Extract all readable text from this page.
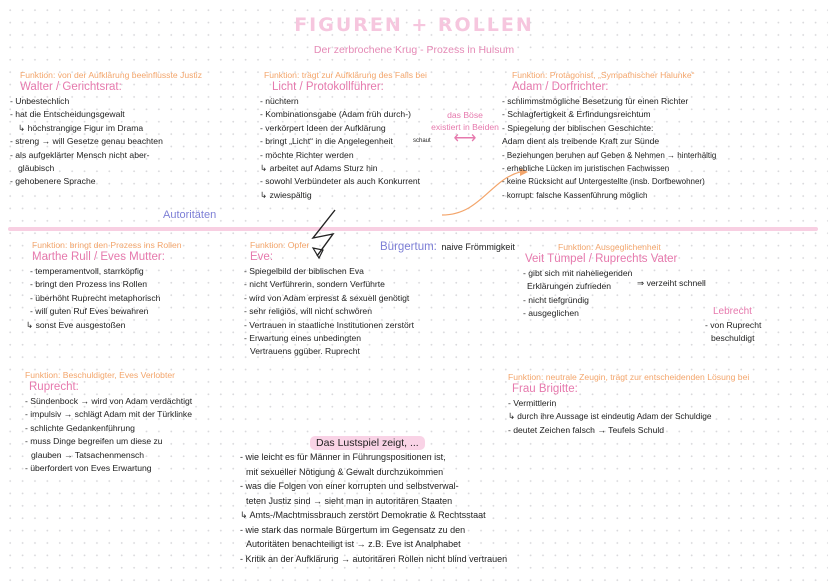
FIGUREN + ROLLEN
Der zerbrochene Krug - Prozess in Huisum
Funktion: von der Aufklärung beeinflusste Justiz
Walter / Gerichtsrat:
- Unbestechlich
- hat die Entscheidungsgewalt
↳ höchstrangige Figur im Drama
- streng → will Gesetze genau beachten
- als aufgeklärter Mensch nicht aber-
gläubisch
- gehobenere Sprache
Autoritäten
Funktion: trägt zur Aufklärung des Falls bei
Licht / Protokollführer:
- nüchtern
- Kombinationsgabe (Adam früh durch-)
- verkörpert Ideen der Aufklärung
- bringt „Licht“ in die Angelegenheit
- möchte Richter werden
↳ arbeitet auf Adams Sturz hin
- sowohl Verbündeter als auch Konkurrent
↳ zwiespältig
schaut
das Böse
existiert in Beiden
⟷
Funktion: Protagonist, „Sympathischer Halunke“
Adam / Dorfrichter:
- schlimmstmögliche Besetzung für einen Richter
- Schlagfertigkeit & Erfindungsreichtum
- Spiegelung der biblischen Geschichte:
Adam dient als treibende Kraft zur Sünde
- Beziehungen beruhen auf Geben & Nehmen → hinterhältig
- erhebliche Lücken im juristischen Fachwissen
- keine Rücksicht auf Untergestellte (insb. Dorfbewohner)
- korrupt: falsche Kassenführung möglich
Bürgertum: naive Frömmigkeit
Funktion: bringt den Prozess ins Rollen
Marthe Rull / Eves Mutter:
- temperamentvoll, starrköpfig
- bringt den Prozess ins Rollen
- überhöht Ruprecht metaphorisch
- will guten Ruf Eves bewahren
↳ sonst Eve ausgestoßen
Funktion: Opfer
Eve:
- Spiegelbild der biblischen Eva
- nicht Verführerin, sondern Verführte
- wird von Adam erpresst & sexuell genötigt
- sehr religiös, will nicht schwören
- Vertrauen in staatliche Institutionen zerstört
- Erwartung eines unbedingten
Vertrauens ggüber. Ruprecht
Funktion: Ausgeglichenheit
Veit Tümpel / Ruprechts Vater
- gibt sich mit naheliegenden
Erklärungen zufrieden
- nicht tiefgründig
- ausgeglichen
⇒ verzeiht schnell
Lebrecht
- von Ruprecht
beschuldigt
Funktion: Beschuldigter, Eves Verlobter
Ruprecht:
- Sündenbock → wird von Adam verdächtigt
- impulsiv → schlägt Adam mit der Türklinke
- schlichte Gedankenführung
- muss Dinge begreifen um diese zu
glauben → Tatsachenmensch
- überfordert von Eves Erwartung
Funktion: neutrale Zeugin, trägt zur entscheidenden Lösung bei
Frau Brigitte:
- Vermittlerin
↳ durch ihre Aussage ist eindeutig Adam der Schuldige
- deutet Zeichen falsch → Teufels Schuld
Das Lustspiel zeigt, ...
- wie leicht es für Männer in Führungspositionen ist,
mit sexueller Nötigung & Gewalt durchzukommen
- was die Folgen von einer korrupten und selbstverwal-
teten Justiz sind → sieht man in autoritären Staaten
↳ Amts-/Machtmissbrauch zerstört Demokratie & Rechtsstaat
- wie stark das normale Bürgertum im Gegensatz zu den
Autoritäten benachteiligt ist → z.B. Eve ist Analphabet
- Kritik an der Aufklärung → autoritären Rollen nicht blind vertrauen
